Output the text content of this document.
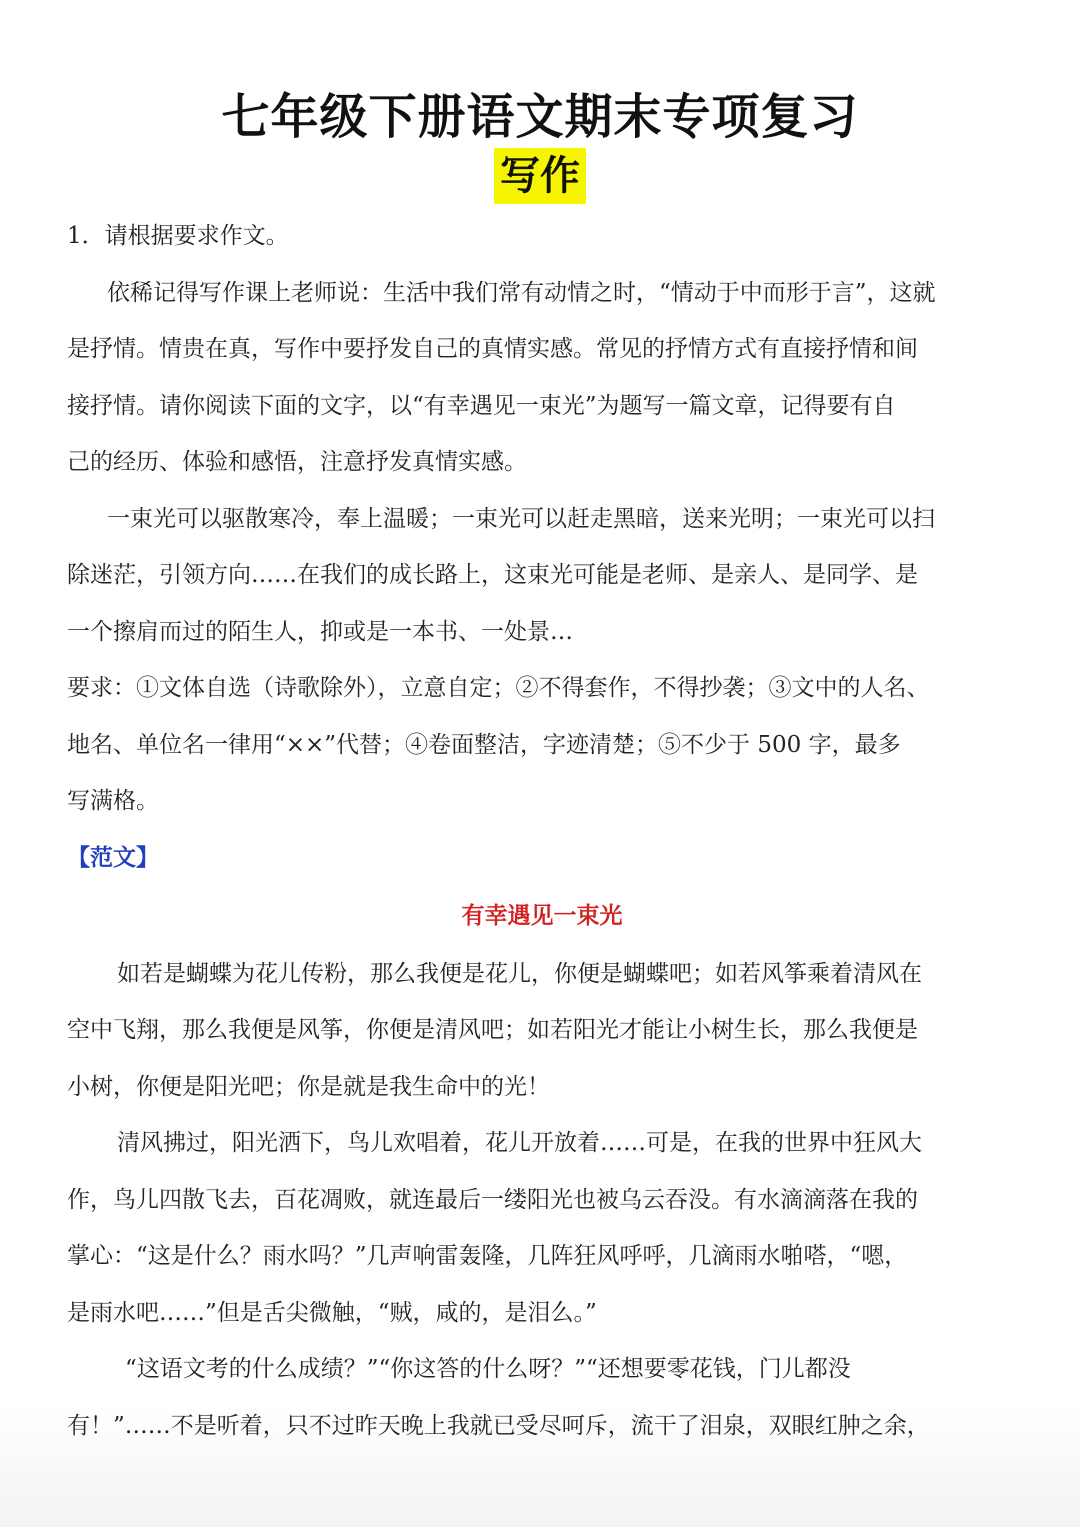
七年级下册语文期末专项复习
写作
1．请根据要求作文。
依稀记得写作课上老师说：生活中我们常有动情之时，“情动于中而形于言”，这就
是抒情。情贵在真，写作中要抒发自己的真情实感。常见的抒情方式有直接抒情和间
接抒情。请你阅读下面的文字，以“有幸遇见一束光”为题写一篇文章，记得要有自
己的经历、体验和感悟，注意抒发真情实感。
一束光可以驱散寒冷，奉上温暖；一束光可以赶走黑暗，送来光明；一束光可以扫
除迷茫，引领方向……在我们的成长路上，这束光可能是老师、是亲人、是同学、是
一个擦肩而过的陌生人，抑或是一本书、一处景…
要求：①文体自选（诗歌除外），立意自定；②不得套作，不得抄袭；③文中的人名、
地名、单位名一律用“××”代替；④卷面整洁，字迹清楚；⑤不少于 500 字，最多
写满格。
【范文】
有幸遇见一束光
如若是蝴蝶为花儿传粉，那么我便是花儿，你便是蝴蝶吧；如若风筝乘着清风在
空中飞翔，那么我便是风筝，你便是清风吧；如若阳光才能让小树生长，那么我便是
小树，你便是阳光吧；你是就是我生命中的光！
清风拂过，阳光洒下，鸟儿欢唱着，花儿开放着……可是，在我的世界中狂风大
作，鸟儿四散飞去，百花凋败，就连最后一缕阳光也被乌云吞没。有水滴滴落在我的
掌心：“这是什么？雨水吗？”几声响雷轰隆，几阵狂风呼呼，几滴雨水啪嗒，“嗯，
是雨水吧……”但是舌尖微触，“贼，咸的，是泪么。”
“这语文考的什么成绩？”“你这答的什么呀？”“还想要零花钱，门儿都没
有！”……不是听着，只不过昨天晚上我就已受尽呵斥，流干了泪泉，双眼红肿之余，
